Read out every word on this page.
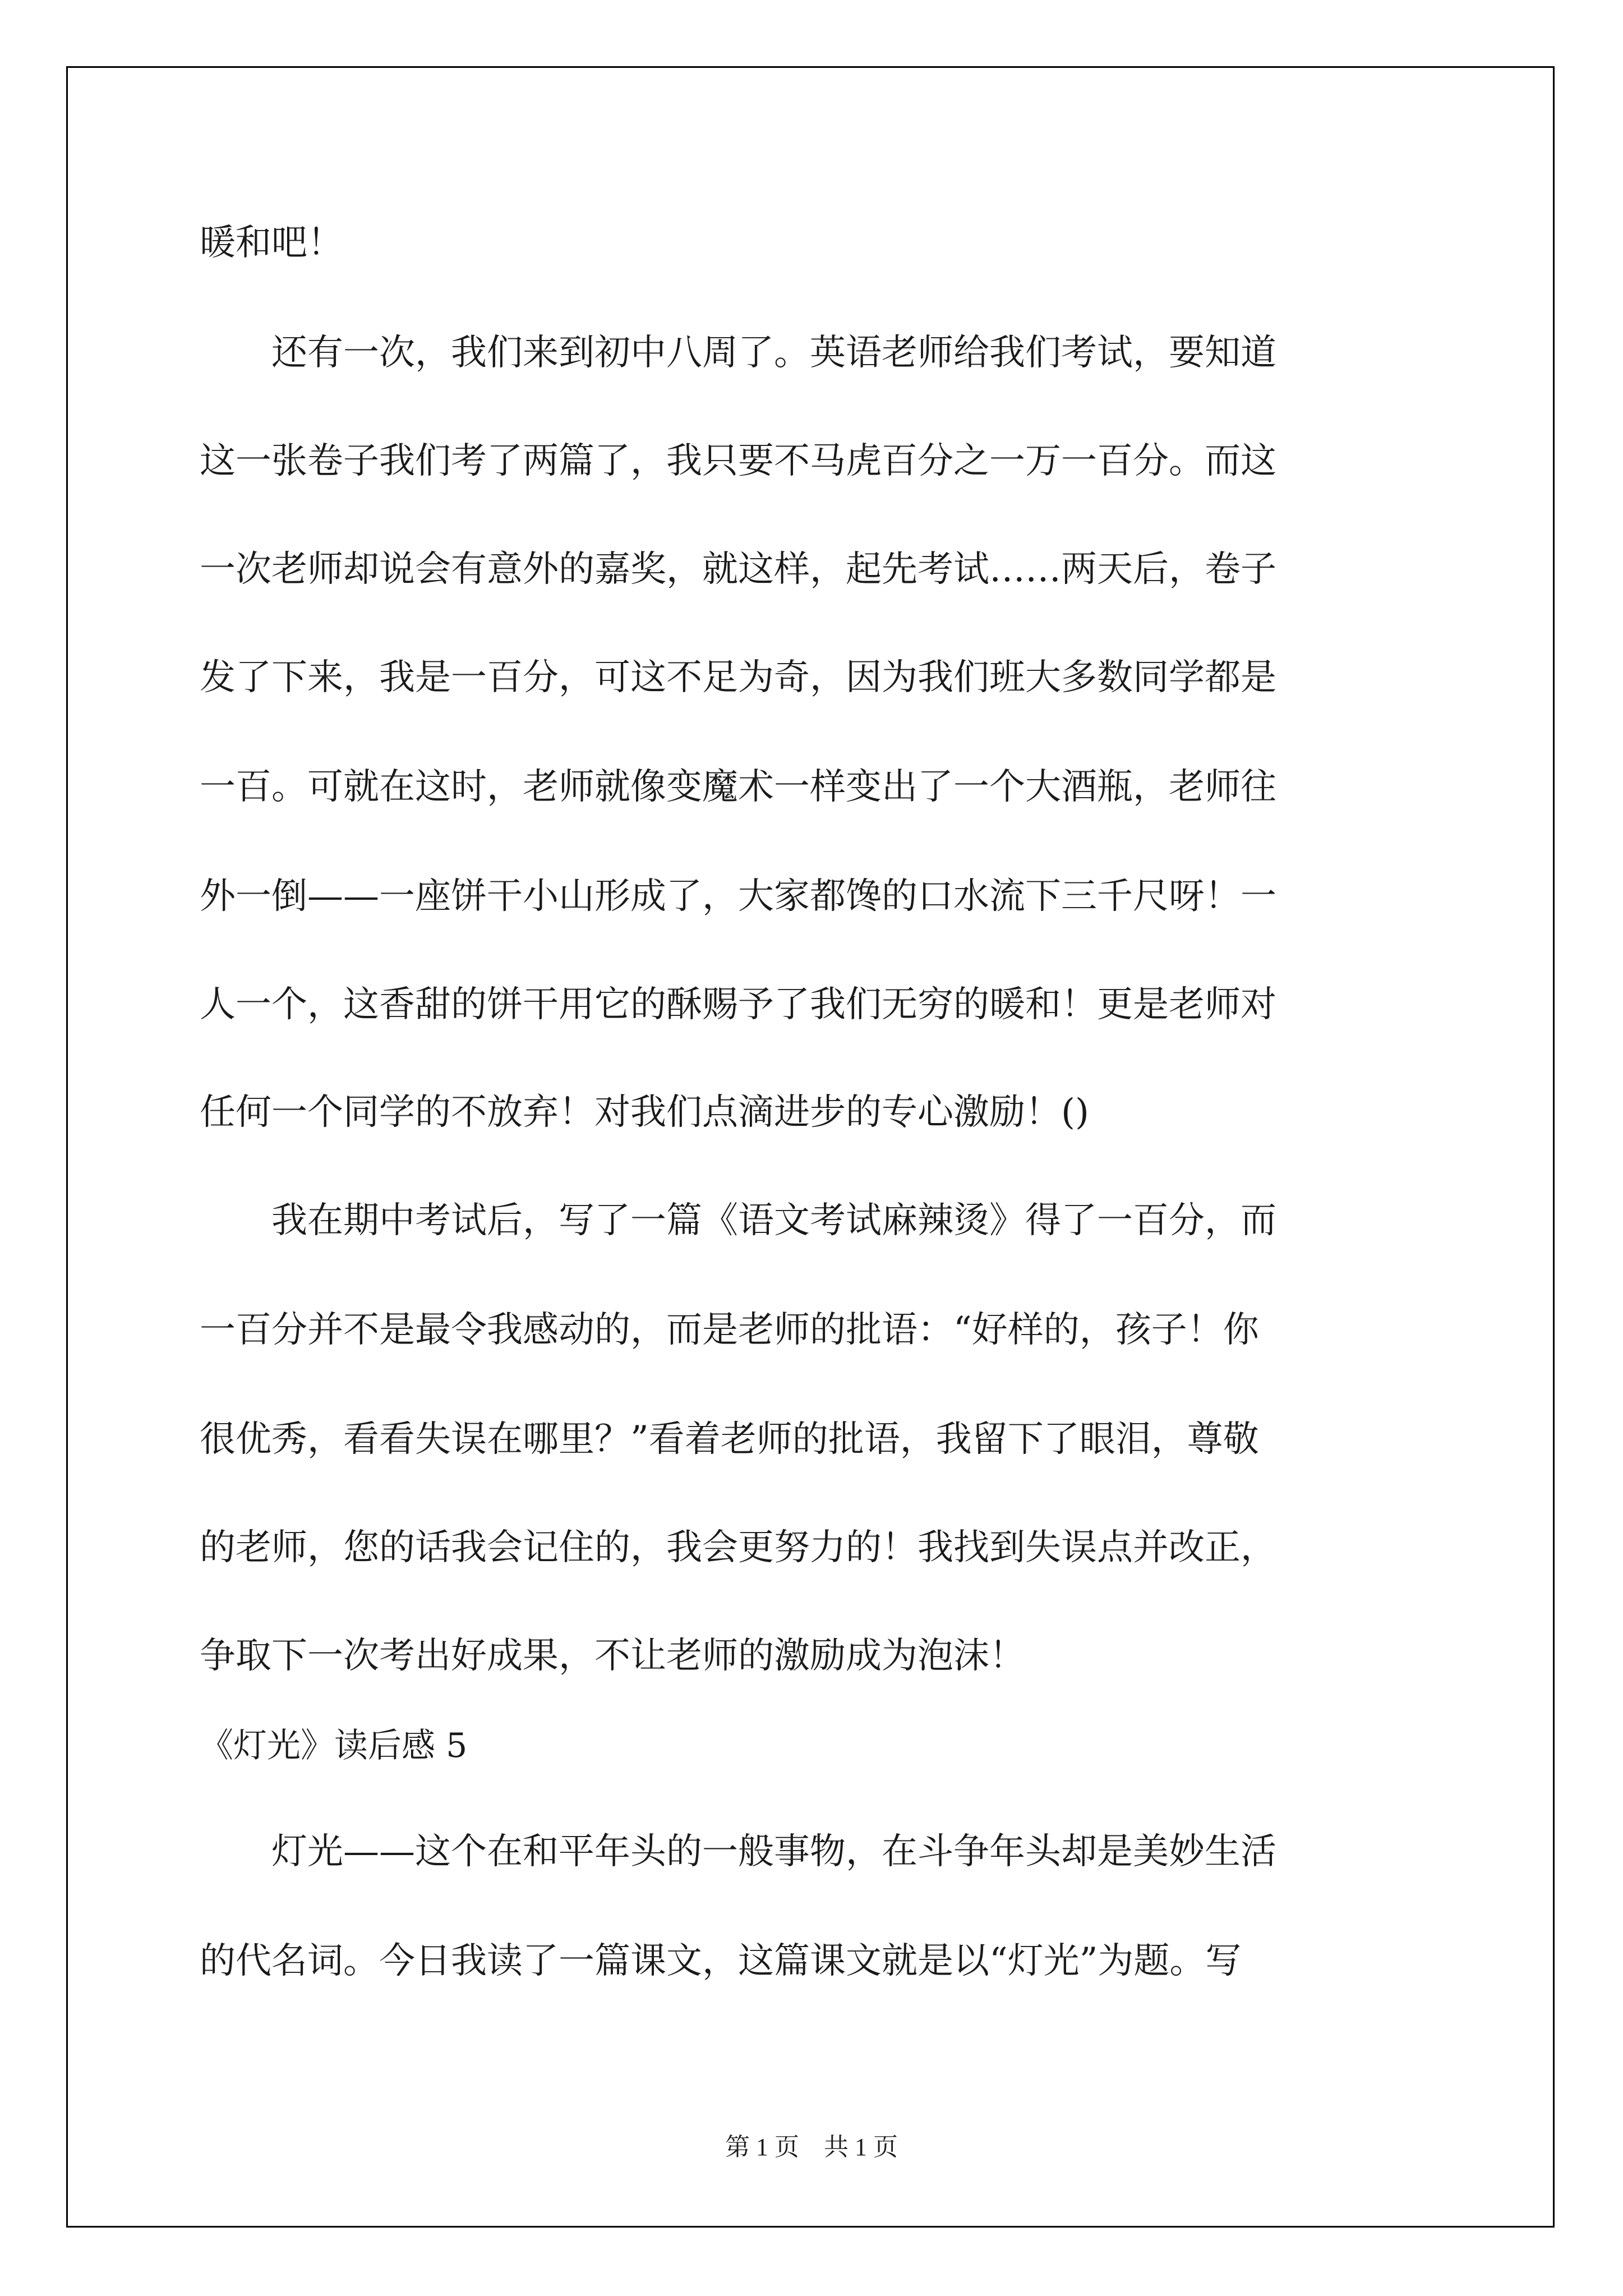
暖和吧！

　　还有一次，我们来到初中八周了。英语老师给我们考试，要知道

这一张卷子我们考了两篇了，我只要不马虎百分之一万一百分。而这

一次老师却说会有意外的嘉奖，就这样，起先考试……两天后，卷子

发了下来，我是一百分，可这不足为奇，因为我们班大多数同学都是

一百。可就在这时，老师就像变魔术一样变出了一个大酒瓶，老师往

外一倒——一座饼干小山形成了，大家都馋的口水流下三千尺呀！一

人一个，这香甜的饼干用它的酥赐予了我们无穷的暖和！更是老师对

任何一个同学的不放弃！对我们点滴进步的专心激励！()

　　我在期中考试后，写了一篇《语文考试麻辣烫》得了一百分，而

一百分并不是最令我感动的，而是老师的批语：“好样的，孩子！你

很优秀，看看失误在哪里？”看着老师的批语，我留下了眼泪，尊敬

的老师，您的话我会记住的，我会更努力的！我找到失误点并改正，

争取下一次考出好成果，不让老师的激励成为泡沫！

《灯光》读后感 5

　　灯光——这个在和平年头的一般事物，在斗争年头却是美妙生活

的代名词。今日我读了一篇课文，这篇课文就是以“灯光”为题。写

第 1 页　共 1 页
